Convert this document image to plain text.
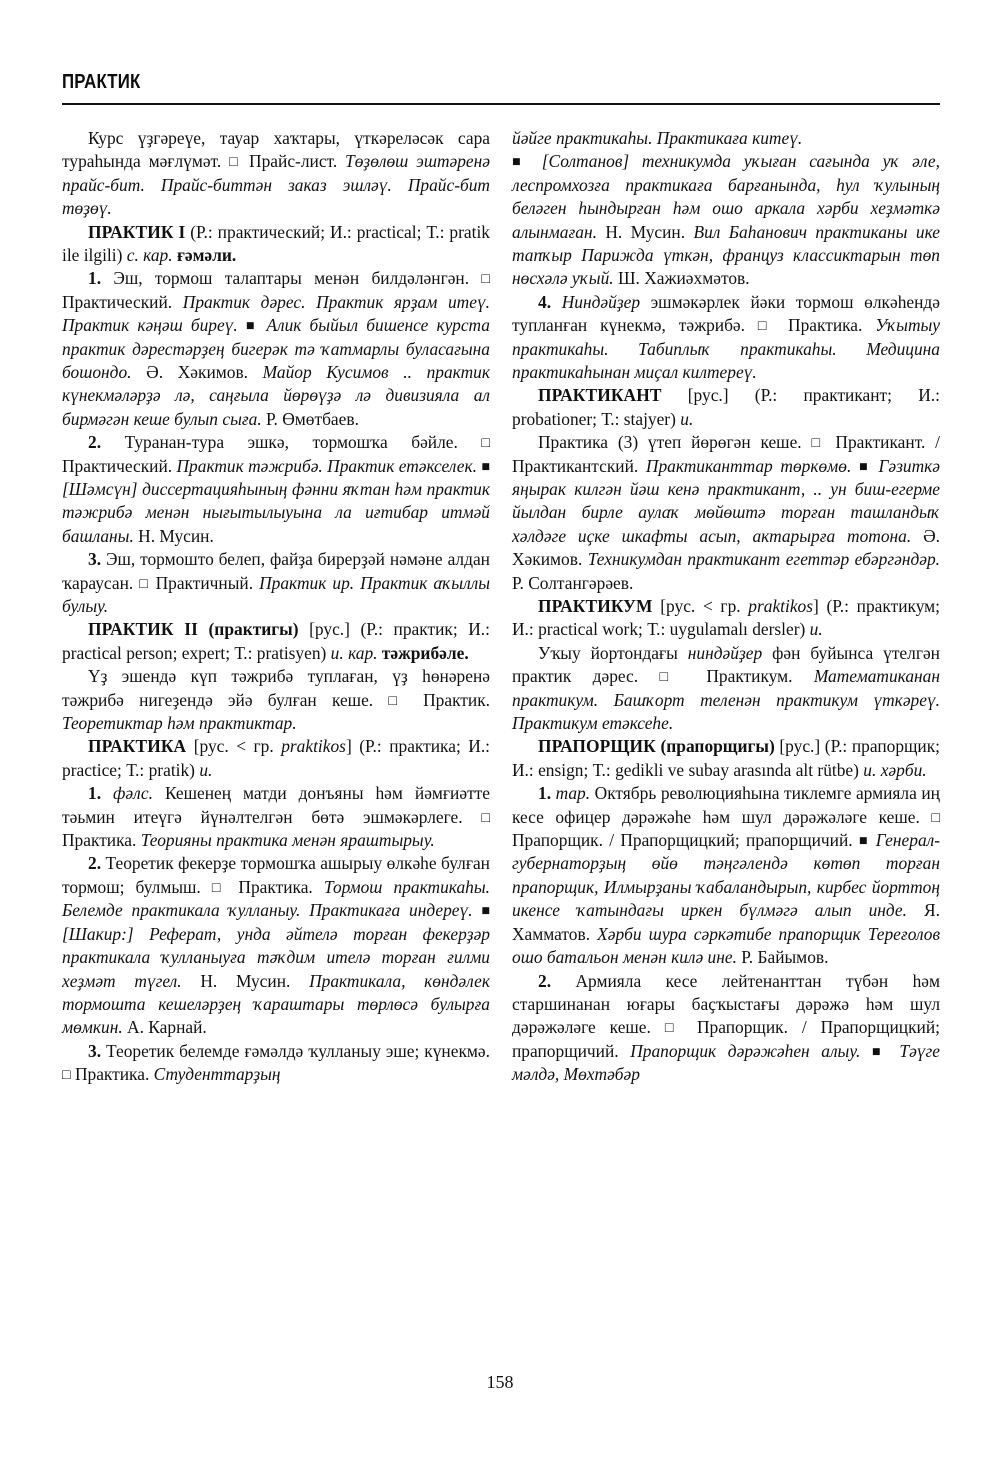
ПРАКТИК

Курс үҙгәреүе, тауар хаҡтары, үткәреләсәк сара тураһында мәғлүмәт. □ Прайс-лист. Төҙөлөш эштәренә прайс-бит. Прайс-биттән заказ эшләү. Прайс-бит төҙөү.

ПРАКТИК I (Р.: практический; И.: practical; Т.: pratik ile ilgili) с. кар. ғәмәли.

1. Эш, тормош талаптары менән билдәләнгән. □ Практический. Практик дәрес. Практик ярҙам итеү. Практик кәңәш биреү. ■ Алик быйыл бишенсе курста практик дәрестәрҙең бигерәк тә ҡатмарлы буласағына бошондо. Ә. Хәкимов. Майор Кусимов .. практик күнекмәләрҙә лә, саңғыла йөрөүҙә лә дивизияла ал бирмәгән кеше булып сыға. Р. Өмөтбаев.

2. Туранан-тура эшкә, тормошҡа бәйле. □ Практический. Практик тәжрибә. Практик етәкселек. ■ [Шәмсүн] диссертацияһының фәнни яҡтан һәм практик тәжрибә менән нығытылыуына ла иғтибар итмәй башланы. Н. Мусин.

3. Эш, тормошто белеп, файҙа бирерҙәй нәмәне алдан ҡараусан. □ Практичный. Практик ир. Практик аҡыллы булыу.

ПРАКТИК II (практигы) [рус.] (Р.: практик; И.: practical person; expert; Т.: pratisyen) и. кар. тәжрибәле.

Үҙ эшендә күп тәжрибә туплаған, үҙ һөнәренә тәжрибә нигеҙендә эйә булған кеше. □ Практик. Теоретиктар һәм практиктар.

ПРАКТИКА [рус. < гр. praktikos] (Р.: практика; И.: practice; Т.: pratik) и.

1. фәлс. Кешенең матди донъяны һәм йәмғиәтте тәьмин итеүгә йүнәлтелгән бөтә эшмәкәрлеге. □ Практика. Теорияны практика менән яраштырыу.

2. Теоретик фекерҙе тормошҡа ашырыу өлкәһе булған тормош; булмыш. □ Практика. Тормош практикаһы. Белемде практикала ҡулланыу. Практикаға индереү. ■ [Шакир:] Реферат, унда әйтелә торған фекерҙәр практикала ҡулланыуға тәҡдим ителә торған ғилми хеҙмәт түгел. Н. Мусин. Практикала, көндәлек тормошта кешеләрҙең ҡараштары төрлөсә булырға мөмкин. А. Карнай.

3. Теоретик белемде ғәмәлдә ҡулланыу эше; күнекмә. □ Практика. Студенттарҙың

йәйге практикаһы. Практикаға китеү.
■ [Солтанов] техникумда уҡыған сағында уҡ әле, леспромхозға практикаға барғанында, һул ҡулының беләген һындырған һәм ошо аркала хәрби хеҙмәткә алынмаған. Н. Мусин. Вил Баһанович практиканы ике тапҡыр Парижда үткән, француз классиктарын төп нөсхәлә уҡый. Ш. Хажиәхмәтов.

4. Ниндәйҙер эшмәкәрлек йәки тормош өлкәһендә тупланған күнекмә, тәжрибә. □ Практика. Уҡытыу практикаһы. Табиплыҡ практикаһы. Медицина практикаһынан миҫал килтереү.

ПРАКТИКАНТ [рус.] (Р.: практикант; И.: probationer; Т.: stajyer) и.

Практика (3) үтеп йөрөгән кеше. □ Практикант. / Практикантский. Практиканттар төркөмө. ■ Гәзиткә яңырак килгән йәш кенә практикант, .. ун биш-егерме йылдан бирле аулаҡ мөйөштә торған ташландыҡ хәлдәге иҫке шкафты асып, актарырға тотона. Ә. Хәкимов. Техникумдан практикант егеттәр ебәргәндәр. Р. Солтангәрәев.

ПРАКТИКУМ [рус. < гр. praktikos] (Р.: практикум; И.: practical work; Т.: uygulamalı dersler) и.

Уҡыу йортондағы ниндәйҙер фән буйынса үтелгән практик дәрес. □ Практикум. Математиканан практикум. Башҡорт теленән практикум үткәреү. Практикум етәксеһе.

ПРАПОРЩИК (прапорщигы) [рус.] (Р.: прапорщик; И.: ensign; Т.: gedikli ve subay arasında alt rütbe) и. хәрби.

1. тар. Октябрь революцияһына тиклемге армияла иң кесе офицер дәрәжәһе һәм шул дәрәжәләге кеше. □ Прапорщик. / Прапорщицкий; прапорщичий. ■ Генерал-губернаторҙың өйө тәңгәлендә көтөп торған прапорщик, Илмырҙаны ҡабаландырып, кирбес йорттоң икенсе ҡатындағы иркен бүлмәгә алып инде. Я. Хамматов. Хәрби шура сәркәтибе прапорщик Тереғолов ошо батальон менән килә ине. Р. Байымов.

2. Армияла кесе лейтенанттан түбән һәм старшинанан юғары баҫҡыстағы дәрәжә һәм шул дәрәжәләге кеше. □ Прапорщик. / Прапорщицкий; прапорщичий. Прапорщик дәрәжәһен алыу. ■ Тәүге мәлдә, Мөхтәбәр

158
